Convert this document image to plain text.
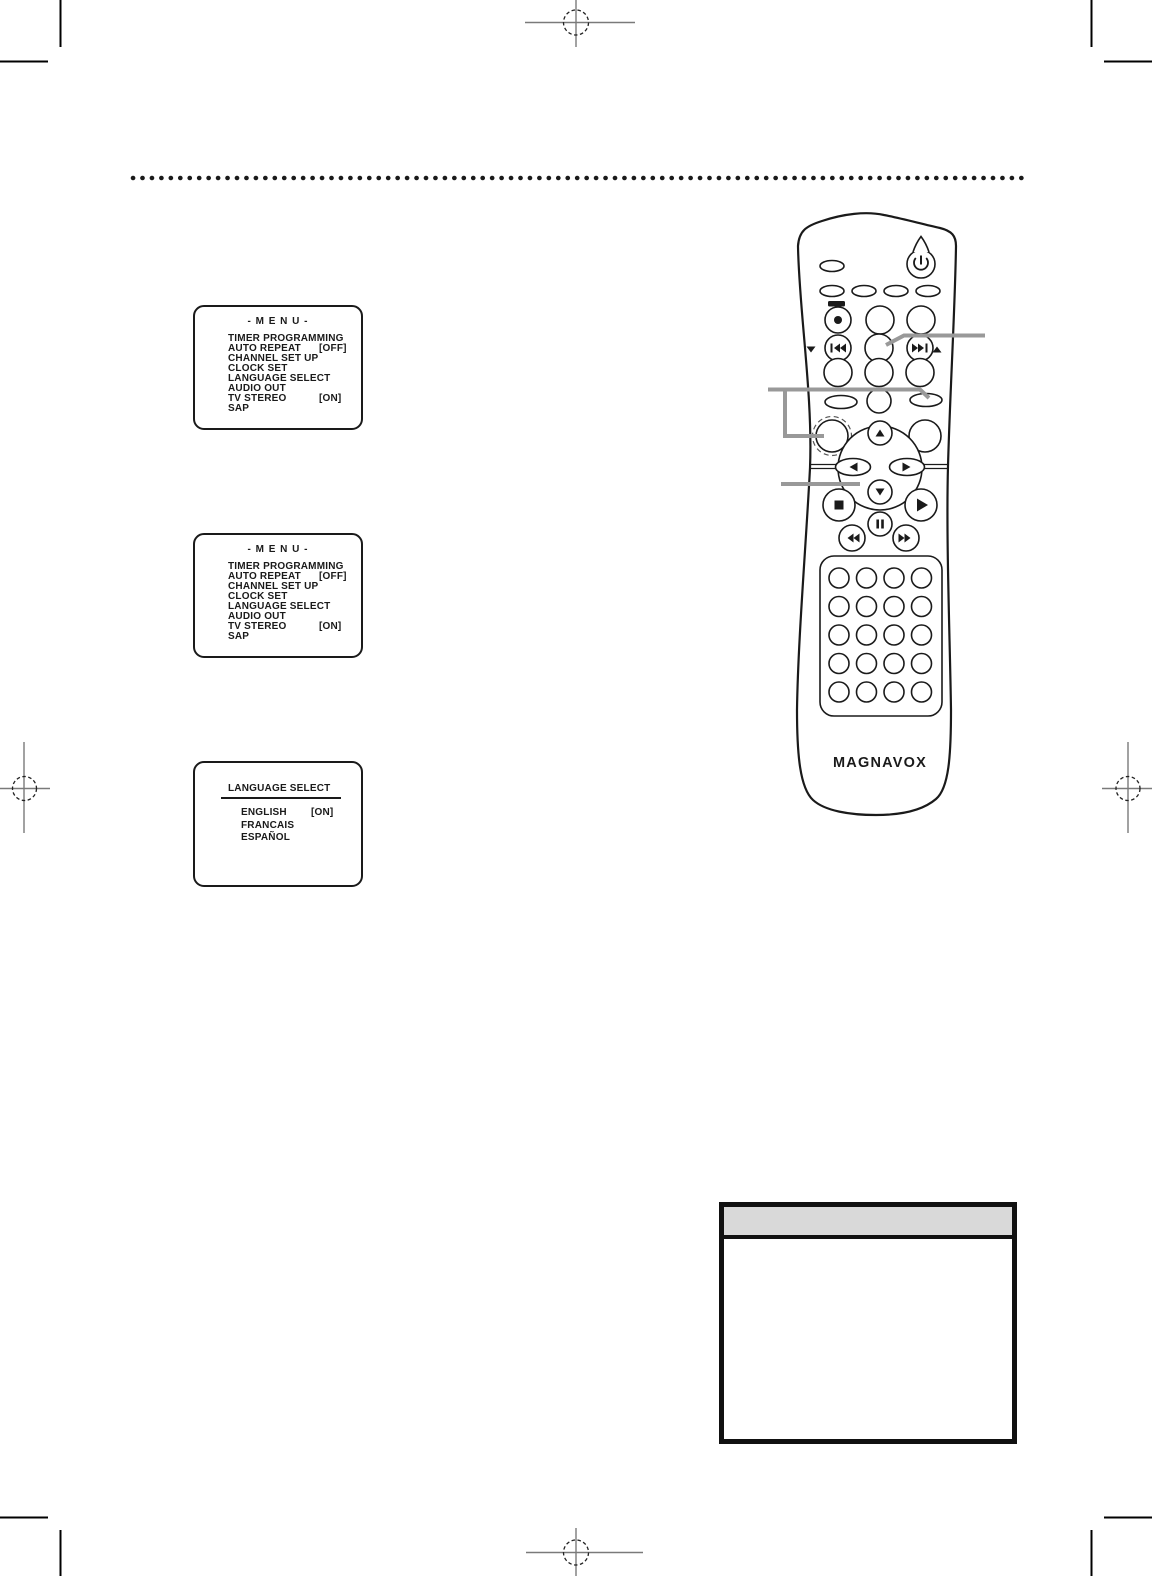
- M E N U -
TIMER PROGRAMMING
AUTO REPEAT [OFF]
CHANNEL SET UP
CLOCK SET
LANGUAGE SELECT
AUDIO OUT
TV STEREO	[ON]
SAP
- M E N U -
TIMER PROGRAMMING
AUTO REPEAT [OFF]
CHANNEL SET UP
CLOCK SET
LANGUAGE SELECT
AUDIO OUT
TV STEREO	[ON]
SAP
LANGUAGE SELECT
ENGLISH [ON]
FRANCAIS
ESPAÑOL
MAGNAVOX
